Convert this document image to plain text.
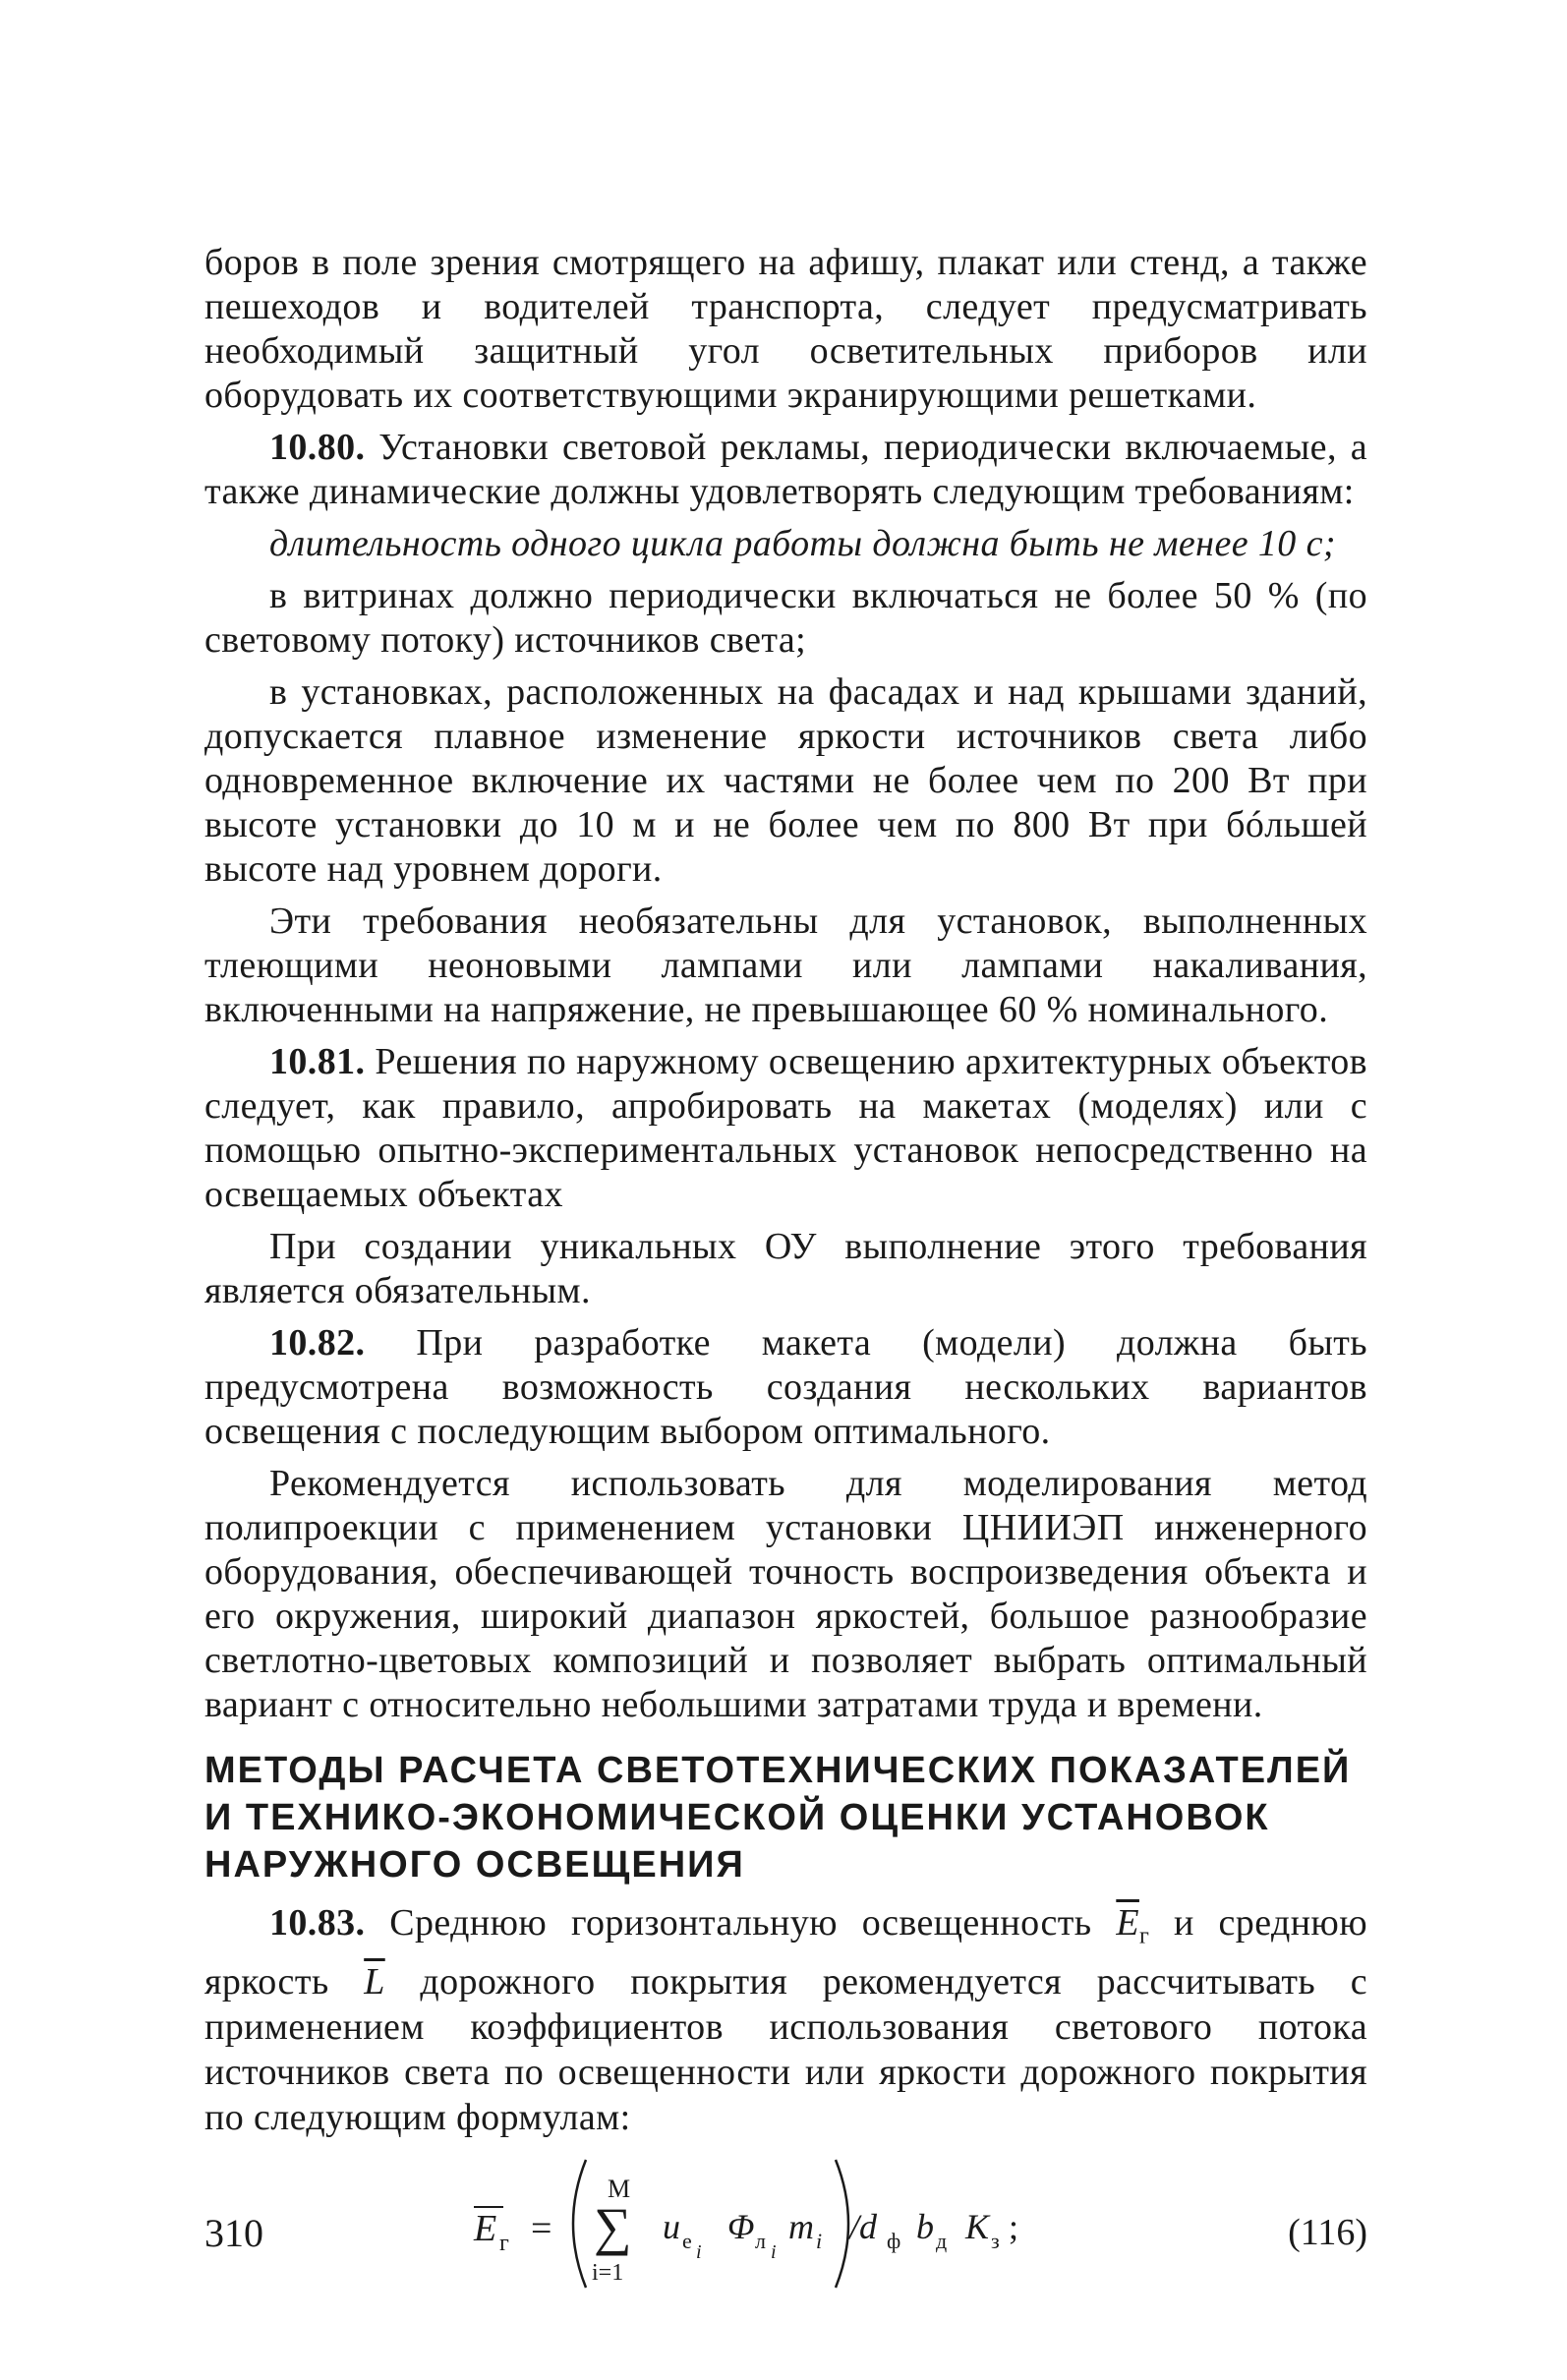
боров в поле зрения смотрящего на афишу, плакат или стенд, а также пешеходов и водителей транспорта, следует предусматривать необходимый защитный угол осветительных приборов или оборудовать их соответствующими экранирующими решетками.

10.80. Установки световой рекламы, периодически включаемые, а также динамические должны удовлетворять следующим требованиям:

длительность одного цикла работы должна быть не менее 10 с;

в витринах должно периодически включаться не более 50 % (по световому потоку) источников света;

в установках, расположенных на фасадах и над крышами зданий, допускается плавное изменение яркости источников света либо одновременное включение их частями не более чем по 200 Вт при высоте установки до 10 м и не более чем по 800 Вт при бóльшей высоте над уровнем дороги.

Эти требования необязательны для установок, выполненных тлеющими неоновыми лампами или лампами накаливания, включенными на напряжение, не превышающее 60 % номинального.

10.81. Решения по наружному освещению архитектурных объектов следует, как правило, апробировать на макетах (моделях) или с помощью опытно-экспериментальных установок непосредственно на освещаемых объектах

При создании уникальных ОУ выполнение этого требования является обязательным.

10.82. При разработке макета (модели) должна быть предусмотрена возможность создания нескольких вариантов освещения с последующим выбором оптимального.

Рекомендуется использовать для моделирования метод полипроекции с применением установки ЦНИИЭП инженерного оборудования, обеспечивающей точность воспроизведения объекта и его окружения, широкий диапазон яркостей, большое разнообразие светлотно-цветовых композиций и позволяет выбрать оптимальный вариант с относительно небольшими затратами труда и времени.

МЕТОДЫ РАСЧЕТА СВЕТОТЕХНИЧЕСКИХ ПОКАЗАТЕЛЕЙ
И ТЕХНИКО-ЭКОНОМИЧЕСКОЙ ОЦЕНКИ УСТАНОВОК
НАРУЖНОГО ОСВЕЩЕНИЯ

10.83. Среднюю горизонтальную освещенность $\overline{E}_г$ и среднюю яркость $\overline{L}$ дорожного покрытия рекомендуется рассчитывать с применением коэффициентов использования светового потока источников света по освещенности или яркости дорожного покрытия по следующим формулам:

E г =
M
∑
i=1
u e i
Φ л i
m i /d ф b д K з ;	(116)
310
